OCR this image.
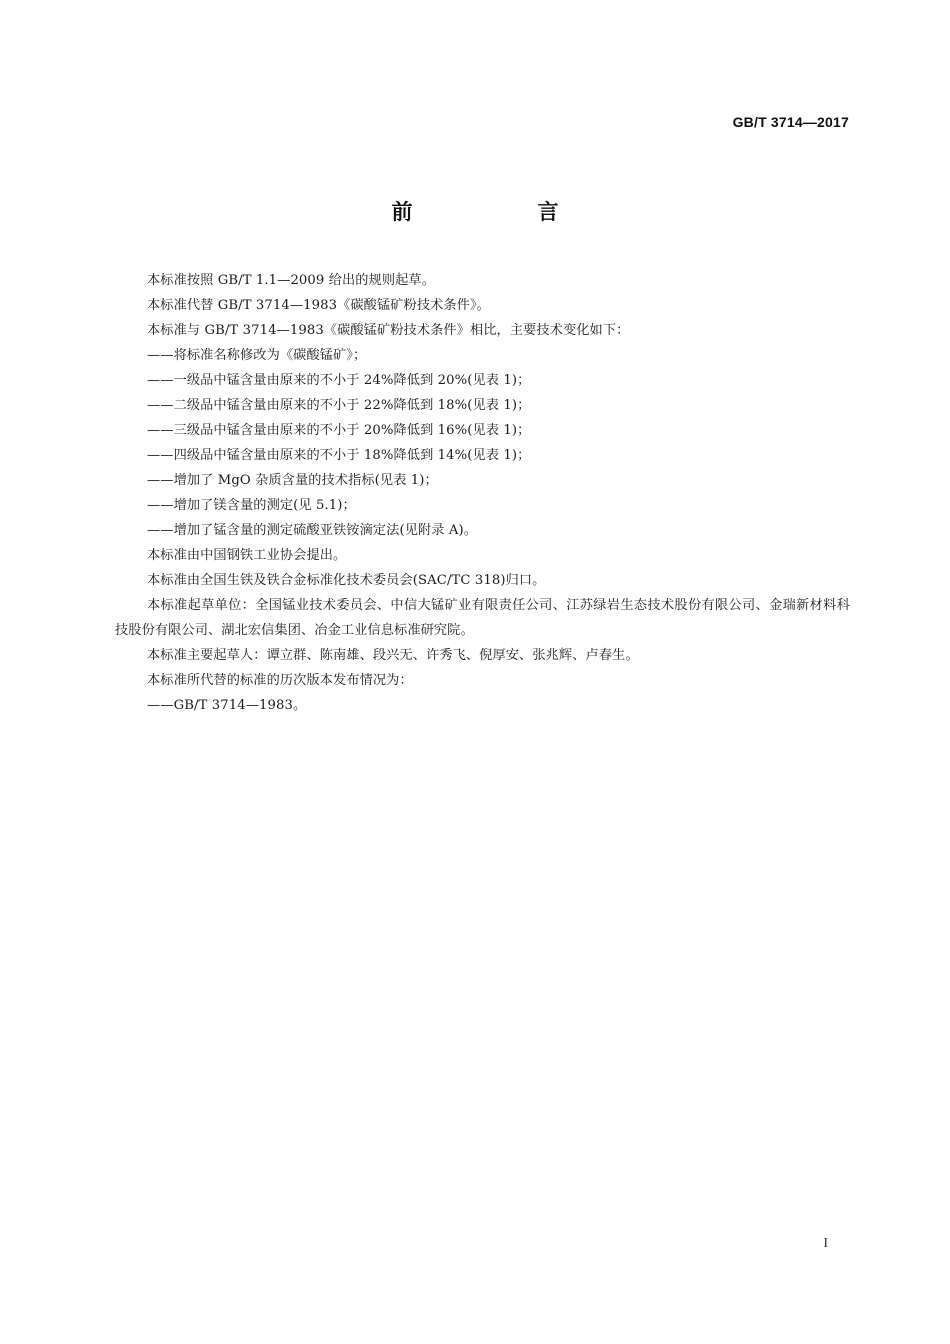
GB/T 3714—2017
前　言

本标准按照 GB/T 1.1—2009 给出的规则起草。

本标准代替 GB/T 3714—1983《碳酸锰矿粉技术条件》。

本标准与 GB/T 3714—1983《碳酸锰矿粉技术条件》相比，主要技术变化如下：

——将标准名称修改为《碳酸锰矿》；

——一级品中锰含量由原来的不小于 24%降低到 20%(见表 1)；

——二级品中锰含量由原来的不小于 22%降低到 18%(见表 1)；

——三级品中锰含量由原来的不小于 20%降低到 16%(见表 1)；

——四级品中锰含量由原来的不小于 18%降低到 14%(见表 1)；

——增加了 MgO 杂质含量的技术指标(见表 1)；

——增加了镁含量的测定(见 5.1)；

——增加了锰含量的测定硫酸亚铁铵滴定法(见附录 A)。

本标准由中国钢铁工业协会提出。

本标准由全国生铁及铁合金标准化技术委员会(SAC/TC 318)归口。

本标准起草单位：全国锰业技术委员会、中信大锰矿业有限责任公司、江苏绿岩生态技术股份有限公司、金瑞新材料科技股份有限公司、湖北宏信集团、冶金工业信息标准研究院。

本标准主要起草人：谭立群、陈南雄、段兴无、许秀飞、倪厚安、张兆辉、卢春生。

本标准所代替的标准的历次版本发布情况为：

——GB/T 3714—1983。

I
